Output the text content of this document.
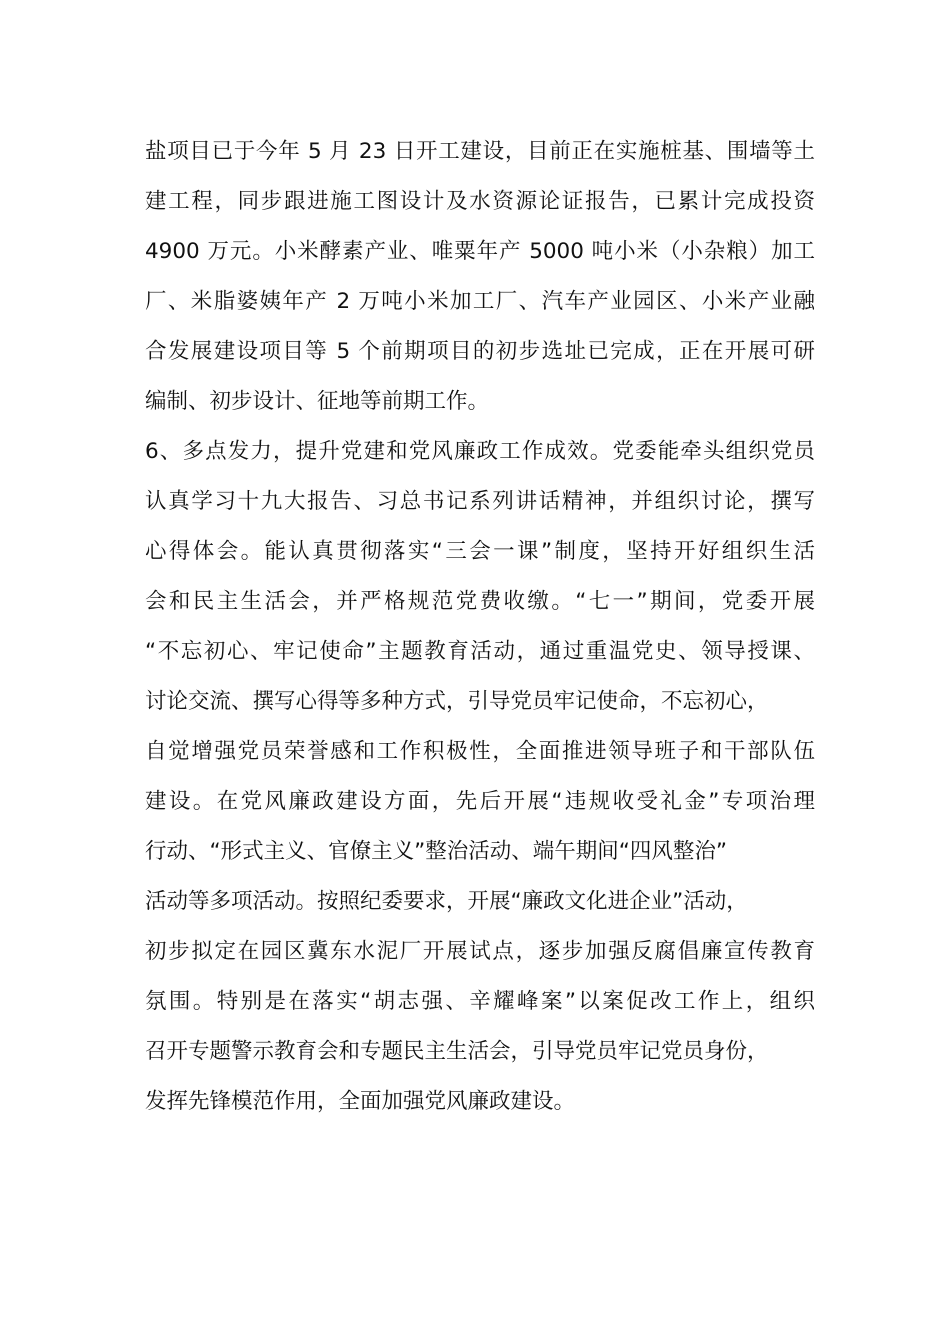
盐项目已于今年 5 月 23 日开工建设，目前正在实施桩基、围墙等土
建工程，同步跟进施工图设计及水资源论证报告，已累计完成投资
4900 万元。小米酵素产业、唯粟年产 5000 吨小米（小杂粮）加工
厂、米脂婆姨年产 2 万吨小米加工厂、汽车产业园区、小米产业融
合发展建设项目等 5 个前期项目的初步选址已完成，正在开展可研
编制、初步设计、征地等前期工作。
6、多点发力，提升党建和党风廉政工作成效。党委能牵头组织党员
认真学习十九大报告、习总书记系列讲话精神，并组织讨论，撰写
心得体会。能认真贯彻落实“三会一课”制度，坚持开好组织生活
会和民主生活会，并严格规范党费收缴。“七一”期间，党委开展
“不忘初心、牢记使命”主题教育活动，通过重温党史、领导授课、
讨论交流、撰写心得等多种方式，引导党员牢记使命，不忘初心，
自觉增强党员荣誉感和工作积极性，全面推进领导班子和干部队伍
建设。在党风廉政建设方面，先后开展“违规收受礼金”专项治理
行动、“形式主义、官僚主义”整治活动、端午期间“四风整治”
活动等多项活动。按照纪委要求，开展“廉政文化进企业”活动，
初步拟定在园区冀东水泥厂开展试点，逐步加强反腐倡廉宣传教育
氛围。特别是在落实“胡志强、辛耀峰案”以案促改工作上，组织
召开专题警示教育会和专题民主生活会，引导党员牢记党员身份，
发挥先锋模范作用，全面加强党风廉政建设。
